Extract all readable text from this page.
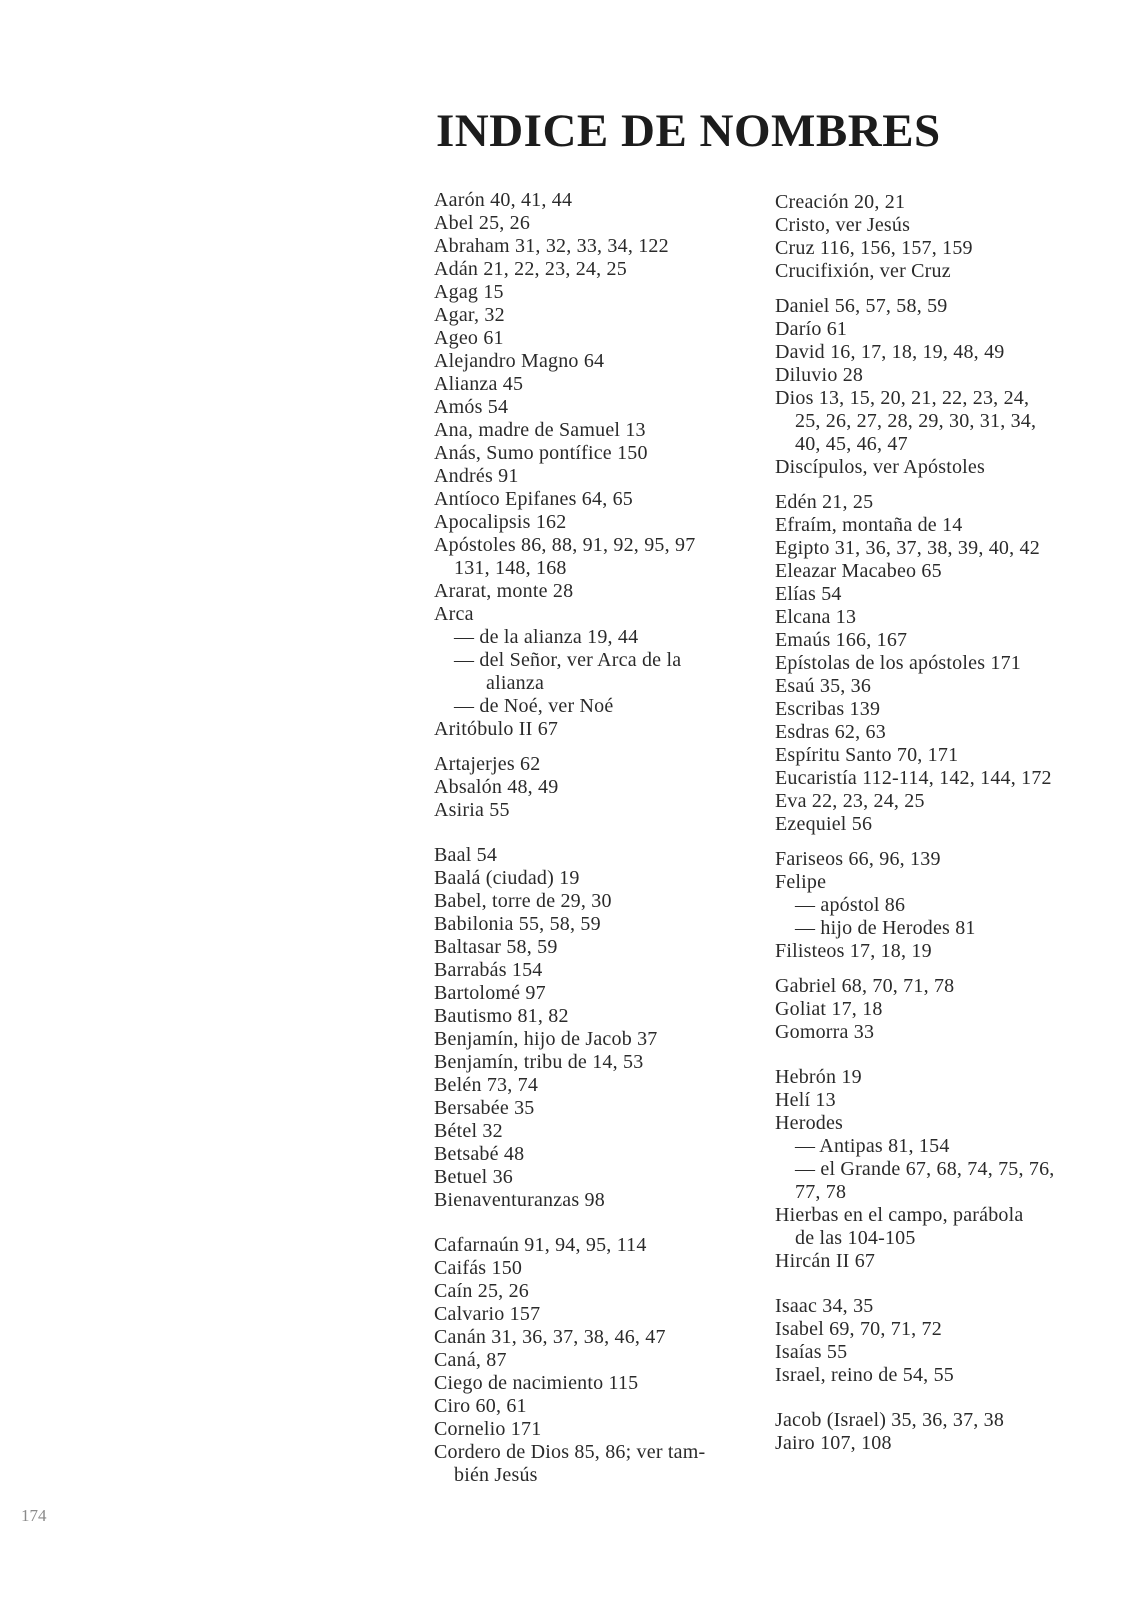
INDICE DE NOMBRES

Aarón 40, 41, 44

Abel 25, 26

Abraham 31, 32, 33, 34, 122

Adán 21, 22, 23, 24, 25

Agag 15

Agar, 32

Ageo 61

Alejandro Magno 64

Alianza 45

Amós 54

Ana, madre de Samuel 13

Anás, Sumo pontífice 150

Andrés 91

Antíoco Epifanes 64, 65

Apocalipsis 162

Apóstoles 86, 88, 91, 92, 95, 97

131, 148, 168

Ararat, monte 28

Arca

— de la alianza 19, 44

— del Señor, ver Arca de la

alianza

— de Noé, ver Noé

Aritóbulo II 67

Artajerjes 62

Absalón 48, 49

Asiria 55

Baal 54

Baalá (ciudad) 19

Babel, torre de 29, 30

Babilonia 55, 58, 59

Baltasar 58, 59

Barrabás 154

Bartolomé 97

Bautismo 81, 82

Benjamín, hijo de Jacob 37

Benjamín, tribu de 14, 53

Belén 73, 74

Bersabée 35

Bétel 32

Betsabé 48

Betuel 36

Bienaventuranzas 98

Cafarnaún 91, 94, 95, 114

Caifás 150

Caín 25, 26

Calvario 157

Canán 31, 36, 37, 38, 46, 47

Caná, 87

Ciego de nacimiento 115

Ciro 60, 61

Cornelio 171

Cordero de Dios 85, 86; ver tam-

bién Jesús

Creación 20, 21

Cristo, ver Jesús

Cruz 116, 156, 157, 159

Crucifixión, ver Cruz

Daniel 56, 57, 58, 59

Darío 61

David 16, 17, 18, 19, 48, 49

Diluvio 28

Dios 13, 15, 20, 21, 22, 23, 24,

25, 26, 27, 28, 29, 30, 31, 34,

40, 45, 46, 47

Discípulos, ver Apóstoles

Edén 21, 25

Efraím, montaña de 14

Egipto 31, 36, 37, 38, 39, 40, 42

Eleazar Macabeo 65

Elías 54

Elcana 13

Emaús 166, 167

Epístolas de los apóstoles 171

Esaú 35, 36

Escribas 139

Esdras 62, 63

Espíritu Santo 70, 171

Eucaristía 112-114, 142, 144, 172

Eva 22, 23, 24, 25

Ezequiel 56

Fariseos 66, 96, 139

Felipe

— apóstol 86

— hijo de Herodes 81

Filisteos 17, 18, 19

Gabriel 68, 70, 71, 78

Goliat 17, 18

Gomorra 33

Hebrón 19

Helí 13

Herodes

— Antipas 81, 154

— el Grande 67, 68, 74, 75, 76,

77, 78

Hierbas en el campo, parábola

de las 104-105

Hircán II 67

Isaac 34, 35

Isabel 69, 70, 71, 72

Isaías 55

Israel, reino de 54, 55

Jacob (Israel) 35, 36, 37, 38

Jairo 107, 108

174
